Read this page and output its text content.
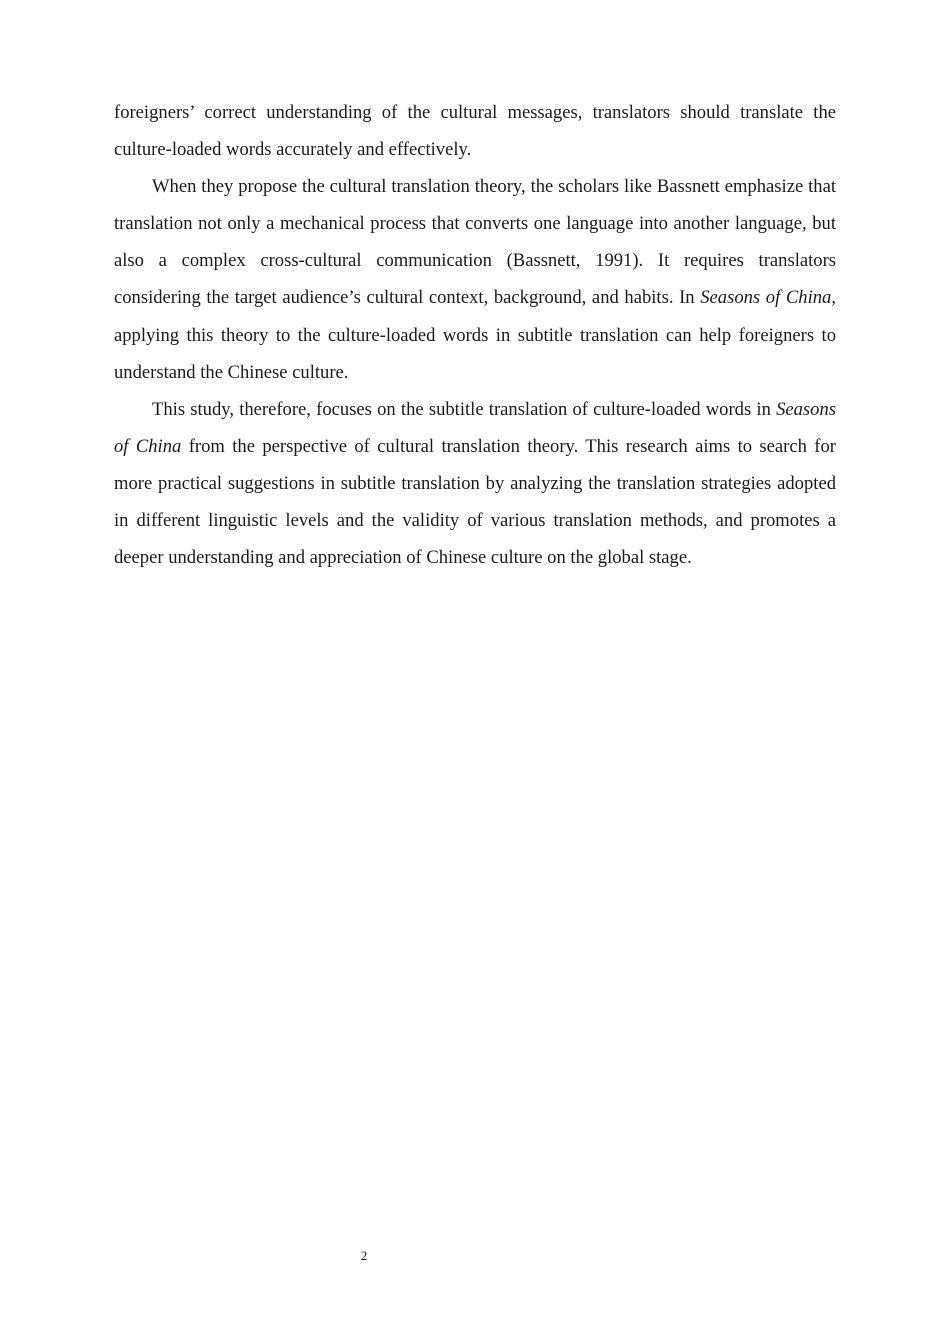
foreigners’ correct understanding of the cultural messages, translators should translate the culture-loaded words accurately and effectively.

When they propose the cultural translation theory, the scholars like Bassnett emphasize that translation not only a mechanical process that converts one language into another language, but also a complex cross-cultural communication (Bassnett, 1991). It requires translators considering the target audience’s cultural context, background, and habits. In Seasons of China, applying this theory to the culture-loaded words in subtitle translation can help foreigners to understand the Chinese culture.

This study, therefore, focuses on the subtitle translation of culture-loaded words in Seasons of China from the perspective of cultural translation theory. This research aims to search for more practical suggestions in subtitle translation by analyzing the translation strategies adopted in different linguistic levels and the validity of various translation methods, and promotes a deeper understanding and appreciation of Chinese culture on the global stage.

2
